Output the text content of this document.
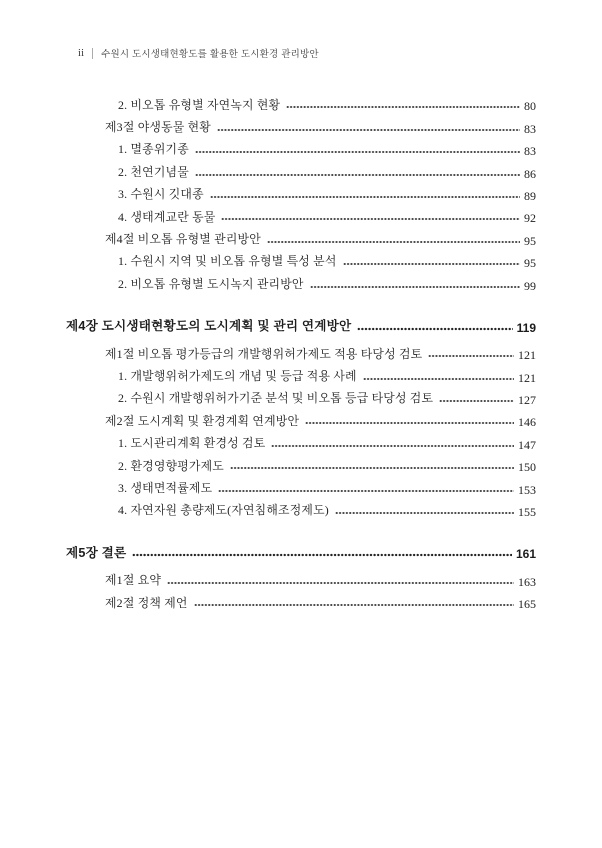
ii | 수원시 도시생태현황도를 활용한 도시환경 관리방안
2. 비오톱 유형별 자연녹지 현황	80
제3절 야생동물 현황	83
1. 멸종위기종	83
2. 천연기념물	86
3. 수원시 깃대종	89
4. 생태계교란 동물	92
제4절 비오톱 유형별 관리방안	95
1. 수원시 지역 및 비오톱 유형별 특성 분석	95
2. 비오톱 유형별 도시녹지 관리방안	99
제4장 도시생태현황도의 도시계획 및 관리 연계방안	119
제1절 비오톱 평가등급의 개발행위허가제도 적용 타당성 검토	121
1. 개발행위허가제도의 개념 및 등급 적용 사례	121
2. 수원시 개발행위허가기준 분석 및 비오톱 등급 타당성 검토	127
제2절 도시계획 및 환경계획 연계방안	146
1. 도시관리계획 환경성 검토	147
2. 환경영향평가제도	150
3. 생태면적률제도	153
4. 자연자원 총량제도(자연침해조정제도)	155
제5장 결론	161
제1절 요약	163
제2절 정책 제언	165
